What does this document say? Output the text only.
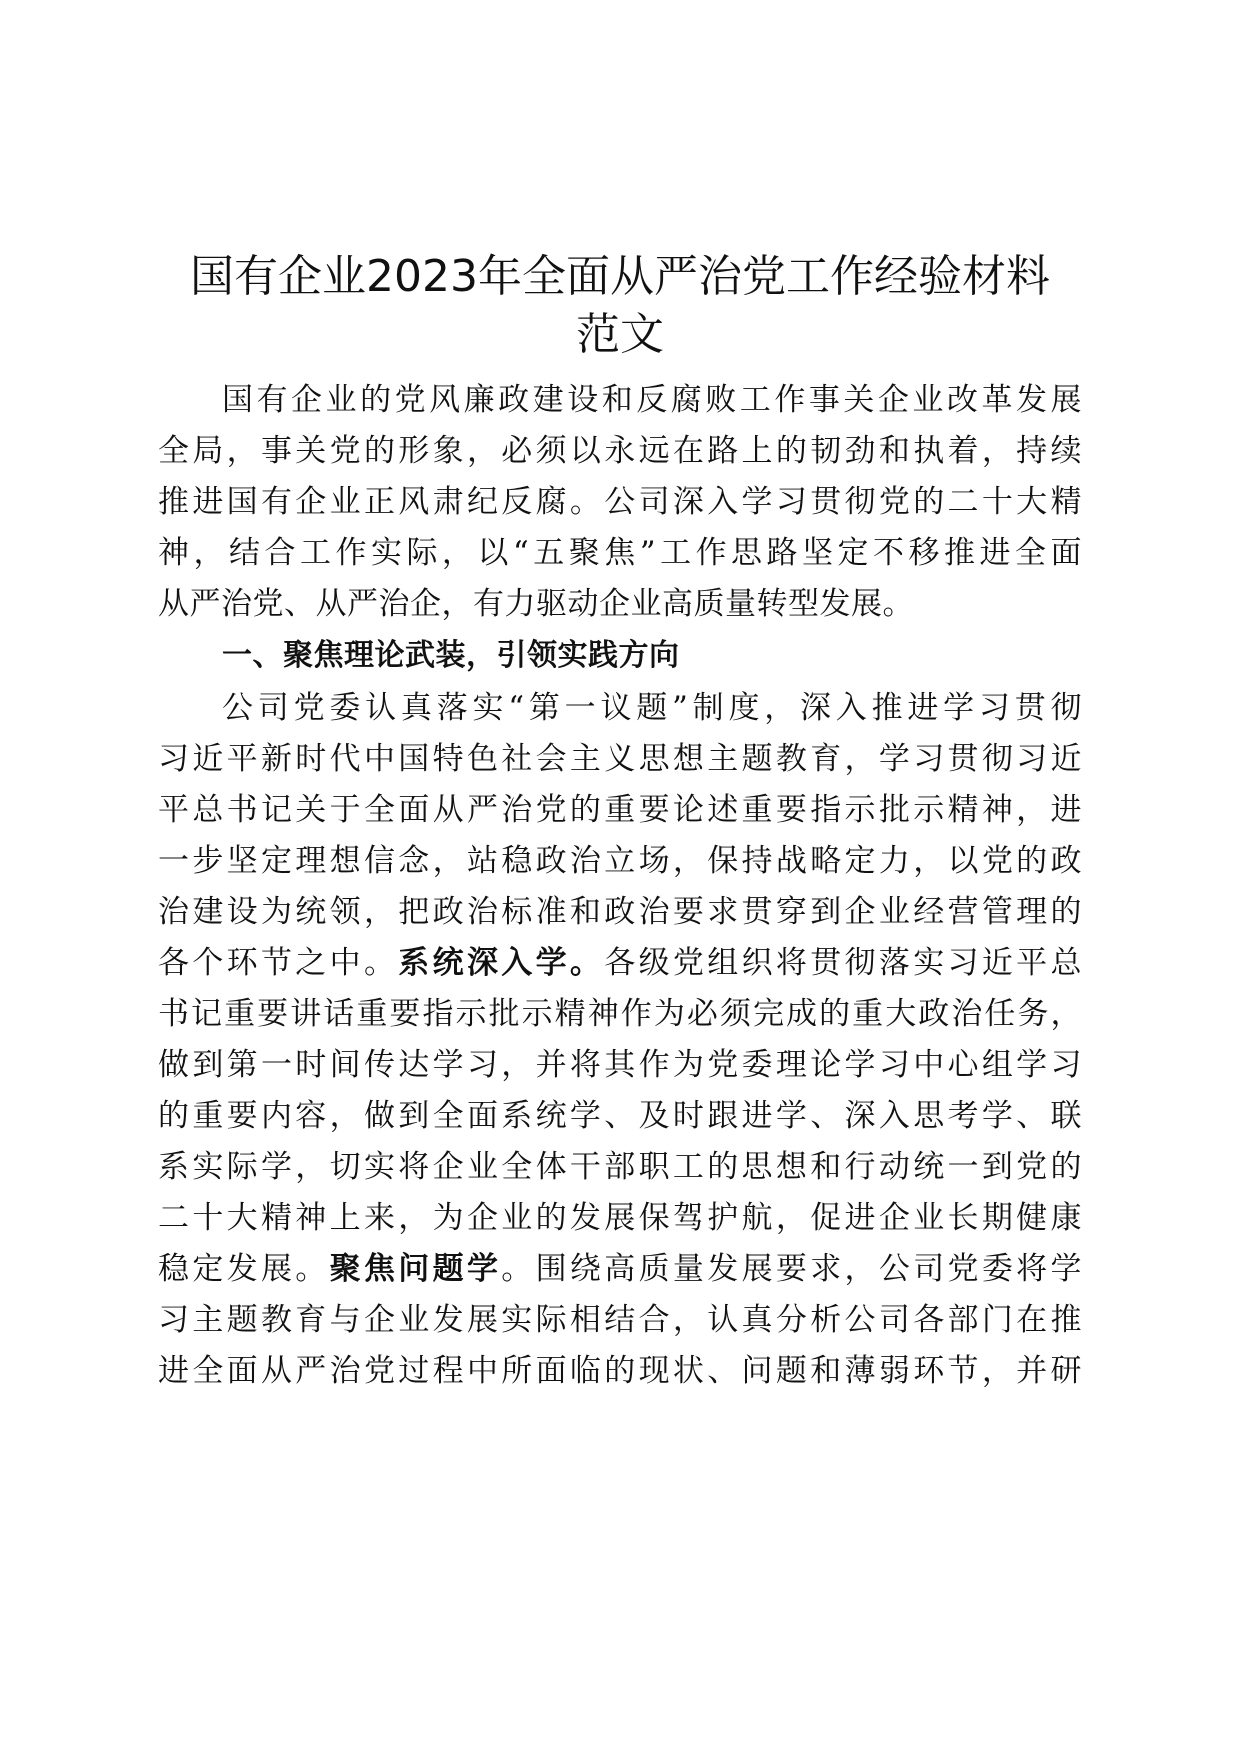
国有企业2023年全面从严治党工作经验材料
范文

国有企业的党风廉政建设和反腐败工作事关企业改革发展

全局，事关党的形象，必须以永远在路上的韧劲和执着，持续

推进国有企业正风肃纪反腐。公司深入学习贯彻党的二十大精

神，结合工作实际，以“五聚焦”工作思路坚定不移推进全面

从严治党、从严治企，有力驱动企业高质量转型发展。

一、聚焦理论武装，引领实践方向

公司党委认真落实“第一议题”制度，深入推进学习贯彻

习近平新时代中国特色社会主义思想主题教育，学习贯彻习近

平总书记关于全面从严治党的重要论述重要指示批示精神，进

一步坚定理想信念，站稳政治立场，保持战略定力，以党的政

治建设为统领，把政治标准和政治要求贯穿到企业经营管理的

各个环节之中。系统深入学。各级党组织将贯彻落实习近平总

书记重要讲话重要指示批示精神作为必须完成的重大政治任务，

做到第一时间传达学习，并将其作为党委理论学习中心组学习

的重要内容，做到全面系统学、及时跟进学、深入思考学、联

系实际学，切实将企业全体干部职工的思想和行动统一到党的

二十大精神上来，为企业的发展保驾护航，促进企业长期健康

稳定发展。聚焦问题学。围绕高质量发展要求，公司党委将学

习主题教育与企业发展实际相结合，认真分析公司各部门在推

进全面从严治党过程中所面临的现状、问题和薄弱环节，并研
